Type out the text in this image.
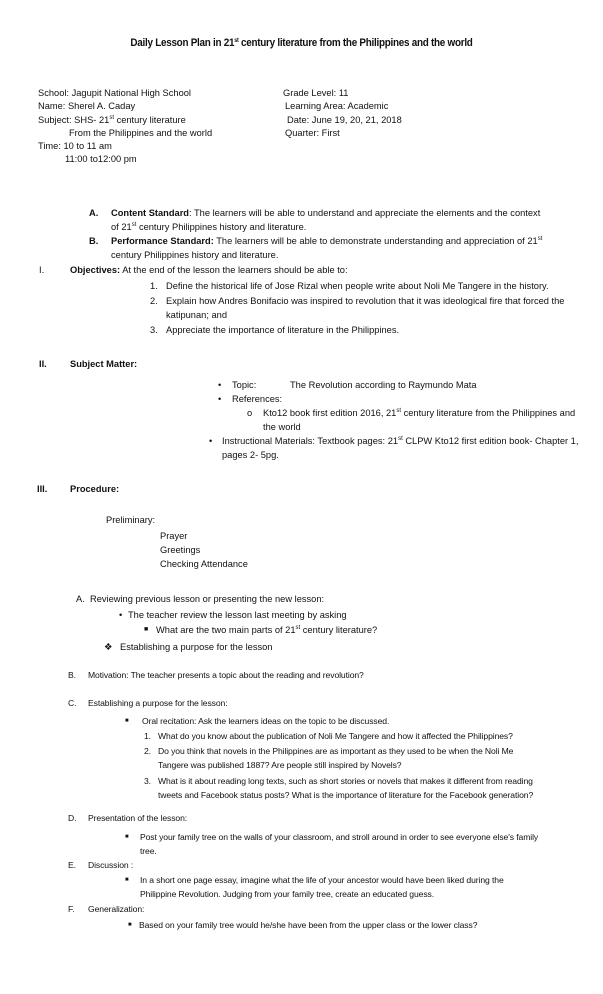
Daily Lesson Plan in 21st century literature from the Philippines and the world
School: Jagupit National High School
Name: Sherel A. Caday
Subject: SHS- 21st century literature
From the Philippines and the world
Time: 10 to 11 am
11:00 to12:00 pm
Grade Level: 11
Learning Area: Academic
Date: June 19, 20, 21, 2018
Quarter: First
A. Content Standard: The learners will be able to understand and appreciate the elements and the context
of 21st century Philippines history and literature.
B. Performance Standard: The learners will be able to demonstrate understanding and appreciation of 21st
century Philippines history and literature.
I.	Objectives: At the end of the lesson the learners should be able to:
1. Define the historical life of Jose Rizal when people write about Noli Me Tangere in the history.
2. Explain how Andres Bonifacio was inspired to revolution that it was ideological fire that forced the
katipunan; and
3. Appreciate the importance of literature in the Philippines.
II.	Subject Matter:
• Topic:	The Revolution according to Raymundo Mata
• References:
o Kto12 book first edition 2016, 21st century literature from the Philippines and
the world
• Instructional Materials: Textbook pages: 21st CLPW Kto12 first edition book- Chapter 1,
pages 2- 5pg.
III. Procedure:
Preliminary:
Prayer
Greetings
Checking Attendance
A. Reviewing previous lesson or presenting the new lesson:
• The teacher review the lesson last meeting by asking
■ What are the two main parts of 21st century literature?
❖ Establishing a purpose for the lesson
B. Motivation: The teacher presents a topic about the reading and revolution?
C. Establishing a purpose for the lesson:
■ Oral recitation: Ask the learners ideas on the topic to be discussed.
1. What do you know about the publication of Noli Me Tangere and how it affected the Philippines?
2. Do you think that novels in the Philippines are as important as they used to be when the Noli Me
Tangere was published 1887? Are people still inspired by Novels?
3. What is it about reading long texts, such as short stories or novels that makes it different from reading
tweets and Facebook status posts? What is the importance of literature for the Facebook generation?
D. Presentation of the lesson:
■ Post your family tree on the walls of your classroom, and stroll around in order to see everyone else's family
tree.
E. Discussion :
■ In a short one page essay, imagine what the life of your ancestor would have been liked during the
Philippine Revolution. Judging from your family tree, create an educated guess.
F. Generalization:
■ Based on your family tree would he/she have been from the upper class or the lower class?
